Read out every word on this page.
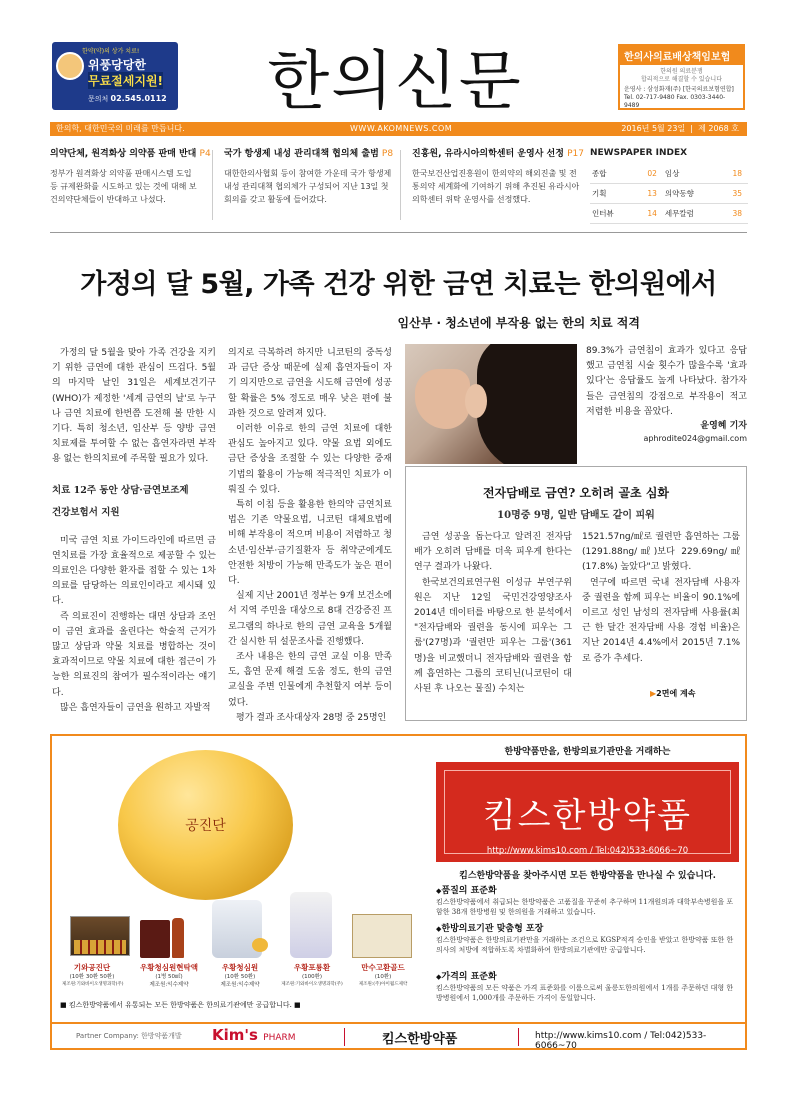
한약(약)의 상가 치료!
위풍당당한
무료절세지원!
문의처 02.545.0112 한의신문	한의사의료배상책임보험
한의원 의료분쟁
합리적으로 해결할 수 있습니다
운영사 : 삼성화재(주) [한국의료보험연합]
Tel. 02-717-9480 Fax. 0303-3440-9489
한의학, 대한민국의 미래를 만듭니다.	WWW.AKOMNEWS.COM	2016년 5월 23일  |  제 2068 호
의약단체, 원격화상 의약품 판매 반대 P4
정부가 원격화상 의약품 판매시스템 도입 등 규제완화를 시도하고 있는 것에 대해 보건의약단체들이 반대하고 나섰다.
국가 항생제 내성 관리대책 협의체 출범 P8
대한한의사협회 등이 참여한 가운데 국가 항생제 내성 관리대책 협의체가 구성되어 지난 13일 첫 회의를 갖고 활동에 들어갔다.
진흥원, 유라시아의학센터 운영사 선정 P17
한국보건산업진흥원이 한의약의 해외진출 및 전통의약 세계화에 기여하기 위해 추진된 유라시아의학센터 위탁 운영사를 선정했다.
NEWSPAPER INDEX
종합	02	임상	18
기획	13	의약동향	35
인터뷰	14	세무칼럼	38
가정의 달 5월, 가족 건강 위한 금연 치료는 한의원에서
임산부 · 청소년에 부작용 없는 한의 치료 적격

가정의 달 5월을 맞아 가족 건강을 지키기 위한 금연에 대한 관심이 뜨겁다. 5월의 마지막 날인 31일은 세계보건기구(WHO)가 제정한 '세계 금연의 날'로 누구나 금연 치료에 한번쯤 도전해 볼 만한 시기다. 특히 청소년, 임산부 등 양방 금연 치료제를 투여할 수 없는 흡연자라면 부작용 없는 한의치료에 주목할 필요가 있다.

치료 12주 동안 상담·금연보조제
건강보험서 지원

미국 금연 치료 가이드라인에 따르면 금연치료를 가장 효율적으로 제공할 수 있는 의료인은 다양한 환자를 접할 수 있는 1차 의료를 담당하는 의료인이라고 제시돼 있다.

즉 의료진이 진행하는 대면 상담과 조언이 금연 효과를 올린다는 학술적 근거가 많고 상담과 약물 치료를 병합하는 것이 효과적이므로 약물 치료에 대한 접근이 가능한 의료진의 참여가 필수적이라는 얘기다.

많은 흡연자들이 금연을 원하고 자발적

의지로 극복하려 하지만 니코틴의 중독성과 금단 증상 때문에 실제 흡연자들이 자기 의지만으로 금연을 시도해 금연에 성공할 확률은 5% 정도로 매우 낮은 편에 불과한 것으로 알려져 있다.

이러한 이유로 한의 금연 치료에 대한 관심도 높아지고 있다. 약물 요법 외에도 금단 증상을 조절할 수 있는 다양한 중재기법의 활용이 가능해 적극적인 치료가 이뤄질 수 있다.

특히 이침 등을 활용한 한의약 금연치료법은 기존 약물요법, 니코틴 대체요법에 비해 부작용이 적으며 비용이 저렴하고 청소년·임산부·금기질환자 등 취약군에게도 안전한 처방이 가능해 만족도가 높은 편이다.

실제 지난 2001년 정부는 9개 보건소에서 지역 주민을 대상으로 8대 건강증진 프로그램의 하나로 한의 금연 교육을 5개월간 실시한 뒤 설문조사를 진행했다.

조사 내용은 한의 금연 교실 이용 만족도, 흡연 문제 해결 도움 정도, 한의 금연 교실을 주변 인물에게 추천할지 여부 등이었다.

평가 결과 조사대상자 28명 중 25명인

89.3%가 금연침이 효과가 있다고 응답했고 금연침 시술 횟수가 많을수록 '효과 있다'는 응답률도 높게 나타났다. 참가자들은 금연침의 강점으로 부작용이 적고 저렴한 비용을 꼽았다.

윤영혜 기자
aphrodite024@gmail.com
전자담배로 금연? 오히려 골초 심화
10명중 9명, 일반 담배도 같이 피워

금연 성공을 돕는다고 알려진 전자담배가 오히려 담배를 더욱 피우게 한다는 연구 결과가 나왔다.

한국보건의료연구원 이성규 부연구위원은 지난 12일 국민건강영양조사 2014년 데이터를 바탕으로 한 분석에서 "전자담배와 궐련을 동시에 피우는 그룹'(27명)과 '궐련만 피우는 그룹'(361명)을 비교했더니 전자담배와 궐련을 함께 흡연하는 그룹의 코티닌(니코틴이 대사된 후 나오는 물질) 수치는

1521.57ng/㎖로 궐련만 흡연하는 그룹(1291.88ng/㎖)보다 229.69ng/㎖(17.8%) 높았다"고 밝혔다.

연구에 따르면 국내 전자담배 사용자 중 궐련을 함께 피우는 비율이 90.1%에 이르고 성인 남성의 전자담배 사용률(최근 한 달간 전자담배 사용 경험 비율)은 지난 2014년 4.4%에서 2015년 7.1%로 증가 추세다.

▶2면에 계속
공진단
기와공진단
(10환 30환 50환)
제조원:기와바이오생명과학(주)
우황청심원현탁액
(1병 50㎖)
제조원:익수제약
우황청심원
(10환 50환)
제조원:익수제약
우황포룡환
(100환)
제조원:기와바이오생명과학(주)
만수고환골드
(10환)
제조원:(주)아이월드제약
■ 킴스한방약품에서 유통되는 모든 한방약품은 한의료기관에만 공급합니다. ■
한방약품만을, 한방의료기관만을 거래하는
킴스한방약품
http://www.kims10.com / Tel:042)533-6066~70
킴스한방약품을 찾아주시면 모든 한방약품을 만나실 수 있습니다.
◆ 품질의 표준화
킴스한방약품에서 취급되는 한방약품은 고품질을 꾸준히 추구하며 11개원의과 대학부속병원을 포함한 38개 한방병원 및 한의원을 거래하고 있습니다.
◆ 한방의료기관 맞춤형 포장
킴스한방약품은 한방의료기관만을 거래하는 조건으로 KGSP적격 승인을 받았고 한방약품 또한 한의사의 처방에 적합하도록 차별화하여 한방의료기관에만 공급합니다.
◆ 가격의 표준화
킴스한방약품의 모든 약품은 가격 표준화를 이룸으로써 울릉도한의원에서 1개를 주문하던 대형 한방병원에서 1,000개를 주문하든 가격이 동일합니다.
Partner Company: 한방약품개발 Kim's PHARM	킴스한방약품	http://www.kims10.com / Tel:042)533-6066~70
